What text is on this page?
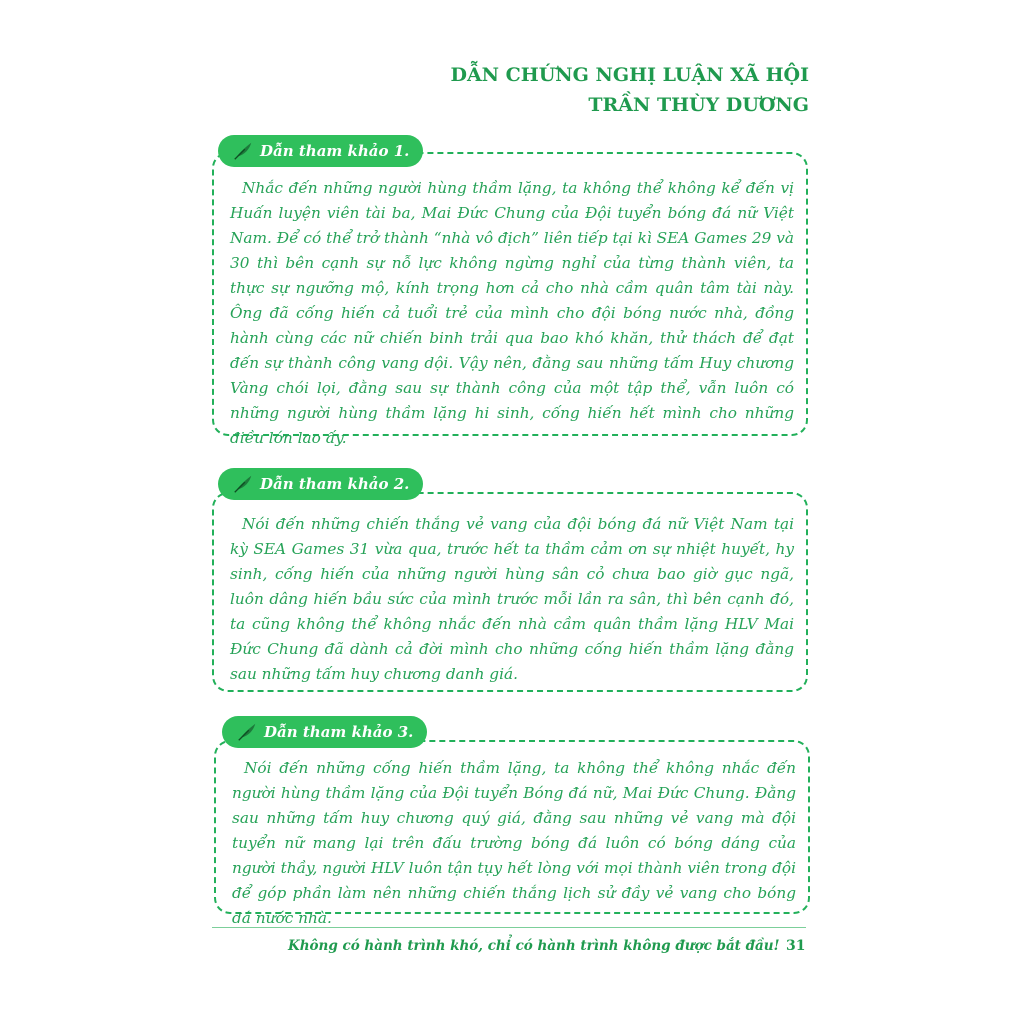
DẪN CHỨNG NGHỊ LUẬN XÃ HỘI
TRẦN THÙY DƯƠNG
Nhắc đến những người hùng thầm lặng, ta không thể không kể đến vị Huấn luyện viên tài ba, Mai Đức Chung của Đội tuyển bóng đá nữ Việt Nam. Để có thể trở thành “nhà vô địch” liên tiếp tại kì SEA Games 29 và 30 thì bên cạnh sự nỗ lực không ngừng nghỉ của từng thành viên, ta thực sự ngưỡng mộ, kính trọng hơn cả cho nhà cầm quân tâm tài này. Ông đã cống hiến cả tuổi trẻ của mình cho đội bóng nước nhà, đồng hành cùng các nữ chiến binh trải qua bao khó khăn, thử thách để đạt đến sự thành công vang dội. Vậy nên, đằng sau những tấm Huy chương Vàng chói lọi, đằng sau sự thành công của một tập thể, vẫn luôn có những người hùng thầm lặng hi sinh, cống hiến hết mình cho những điều lớn lao ấy.
Dẫn tham khảo 1.
Nói đến những chiến thắng vẻ vang của đội bóng đá nữ Việt Nam tại kỳ SEA Games 31 vừa qua, trước hết ta thầm cảm ơn sự nhiệt huyết, hy sinh, cống hiến của những người hùng sân cỏ chưa bao giờ gục ngã, luôn dâng hiến bầu sức của mình trước mỗi lần ra sân, thì bên cạnh đó, ta cũng không thể không nhắc đến nhà cầm quân thầm lặng HLV Mai Đức Chung đã dành cả đời mình cho những cống hiến thầm lặng đằng sau những tấm huy chương danh giá.
Dẫn tham khảo 2.
Nói đến những cống hiến thầm lặng, ta không thể không nhắc đến người hùng thầm lặng của Đội tuyển Bóng đá nữ, Mai Đức Chung. Đằng sau những tấm huy chương quý giá, đằng sau những vẻ vang mà đội tuyển nữ mang lại trên đấu trường bóng đá luôn có bóng dáng của người thầy, người HLV luôn tận tụy hết lòng với mọi thành viên trong đội để góp phần làm nên những chiến thắng lịch sử đầy vẻ vang cho bóng đá nước nhà.
Dẫn tham khảo 3.
Không có hành trình khó, chỉ có hành trình không được bắt đầu! 31
